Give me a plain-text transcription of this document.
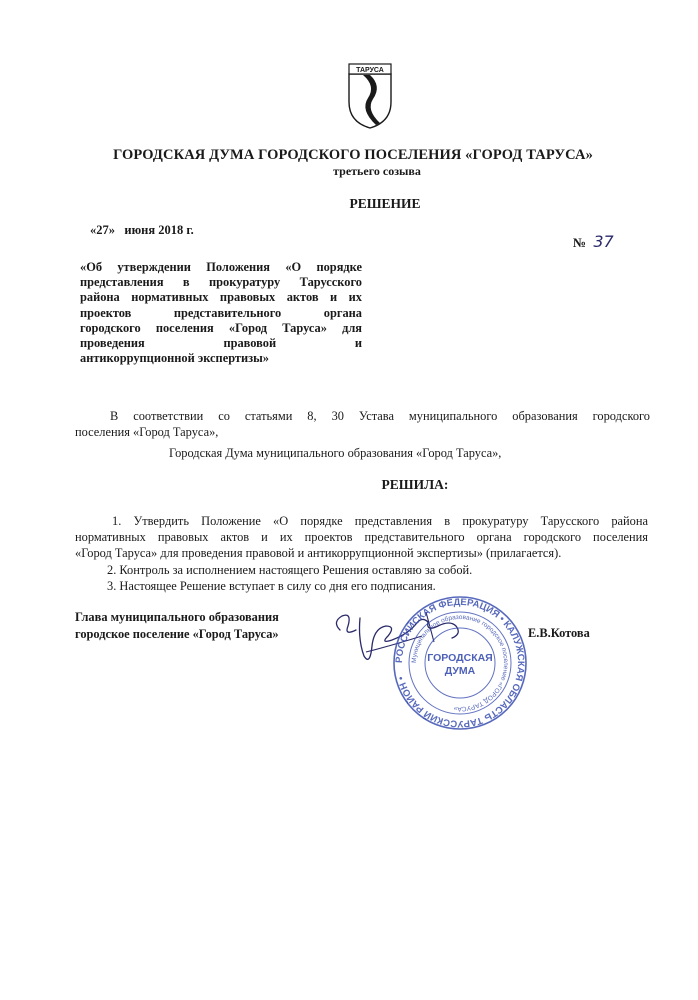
ТАРУСА
ГОРОДСКАЯ ДУМА ГОРОДСКОГО ПОСЕЛЕНИЯ «ГОРОД ТАРУСА»
третьего созыва
РЕШЕНИЕ
«27»   июня 2018 г.
№ 37
«Об утверждении Положения «О порядке
представления в прокуратуру Тарусского
района нормативных правовых актов и их
проектов представительного органа
городского поселения «Город Таруса» для
проведения правовой и
антикоррупционной экспертизы»
В соответствии со статьями 8, 30 Устава муниципального образования городского
поселения «Город Таруса»,
Городская Дума муниципального образования «Город Таруса»,
РЕШИЛА:
1. Утвердить Положение «О порядке представления в прокуратуру Тарусского района
нормативных правовых актов и их проектов представительного органа городского поселения
«Город Таруса» для проведения правовой и антикоррупционной экспертизы» (прилагается).
2. Контроль за исполнением настоящего Решения оставляю за собой.
3. Настоящее Решение вступает в силу со дня его подписания.
Глава муниципального образования
городское поселение «Город Таруса»
РОССИЙСКАЯ ФЕДЕРАЦИЯ • КАЛУЖСКАЯ ОБЛАСТЬ ТАРУССКИЙ РАЙОН •
Муниципальное образование городское поселение «ГОРОД ТАРУСА»
ГОРОДСКАЯ
ДУМА
Е.В.Котова
